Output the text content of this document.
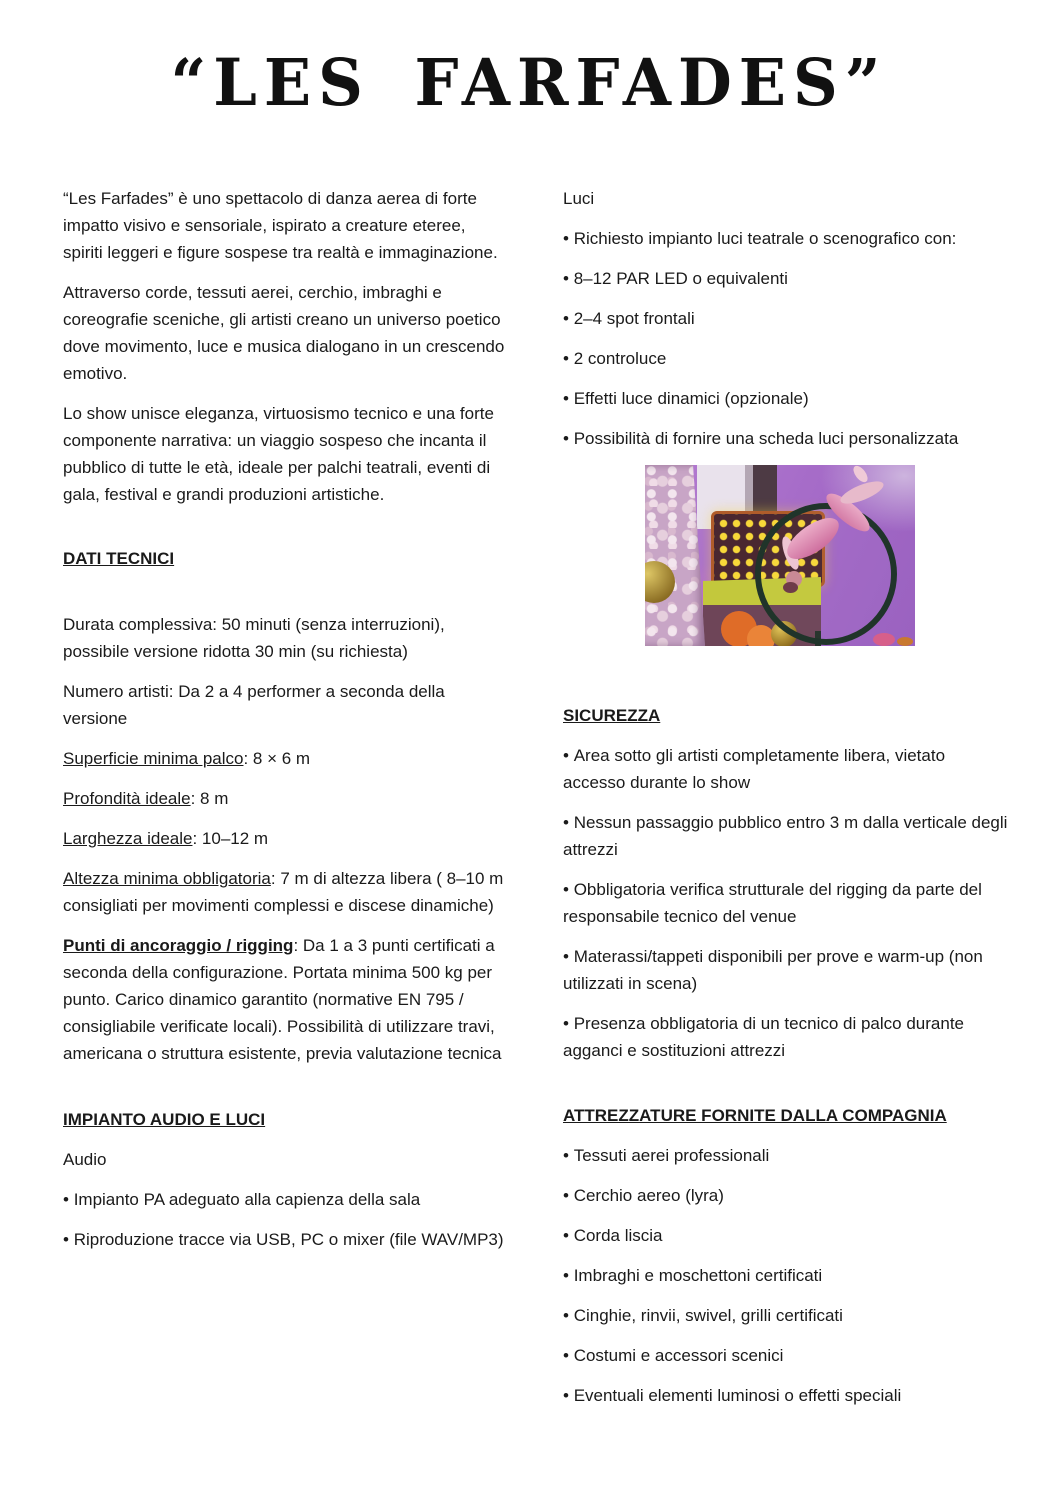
“LES FARFADES”

“Les Farfades” è uno spettacolo di danza aerea di forte impatto visivo e sensoriale, ispirato a creature eteree, spiriti leggeri e figure sospese tra realtà e immaginazione.

Attraverso corde, tessuti aerei, cerchio, imbraghi e coreografie sceniche, gli artisti creano un universo poetico dove movimento, luce e musica dialogano in un crescendo emotivo.

Lo show unisce eleganza, virtuosismo tecnico e una forte componente narrativa: un viaggio sospeso che incanta il pubblico di tutte le età, ideale per palchi teatrali, eventi di gala, festival e grandi produzioni artistiche.

DATI TECNICI

Durata complessiva: 50 minuti (senza interruzioni), possibile versione ridotta 30 min (su richiesta)

Numero artisti: Da 2 a 4 performer a seconda della versione

Superficie minima palco: 8 × 6 m

Profondità ideale: 8 m

Larghezza ideale: 10–12 m

Altezza minima obbligatoria: 7 m di altezza libera ( 8–10 m consigliati per movimenti complessi e discese dinamiche)

Punti di ancoraggio / rigging: Da 1 a 3 punti certificati a seconda della configurazione. Portata minima 500 kg per punto. Carico dinamico garantito (normative EN 795 / consigliabile verificate locali). Possibilità di utilizzare travi, americana o struttura esistente, previa valutazione tecnica

IMPIANTO AUDIO E LUCI

Audio

• Impianto PA adeguato alla capienza della sala

• Riproduzione tracce via USB, PC o mixer (file WAV/MP3)

Luci

• Richiesto impianto luci teatrale o scenografico con:

• 8–12 PAR LED o equivalenti

• 2–4 spot frontali

• 2 controluce

• Effetti luce dinamici (opzionale)

• Possibilità di fornire una scheda luci personalizzata

SICUREZZA

• Area sotto gli artisti completamente libera, vietato accesso durante lo show

• Nessun passaggio pubblico entro 3 m dalla verticale degli attrezzi

• Obbligatoria verifica strutturale del rigging da parte del responsabile tecnico del venue

• Materassi/tappeti disponibili per prove e warm-up (non utilizzati in scena)

• Presenza obbligatoria di un tecnico di palco durante agganci e sostituzioni attrezzi

ATTREZZATURE FORNITE DALLA COMPAGNIA

• Tessuti aerei professionali

• Cerchio aereo (lyra)

• Corda liscia

• Imbraghi e moschettoni certificati

• Cinghie, rinvii, swivel, grilli certificati

• Costumi e accessori scenici

• Eventuali elementi luminosi o effetti speciali
